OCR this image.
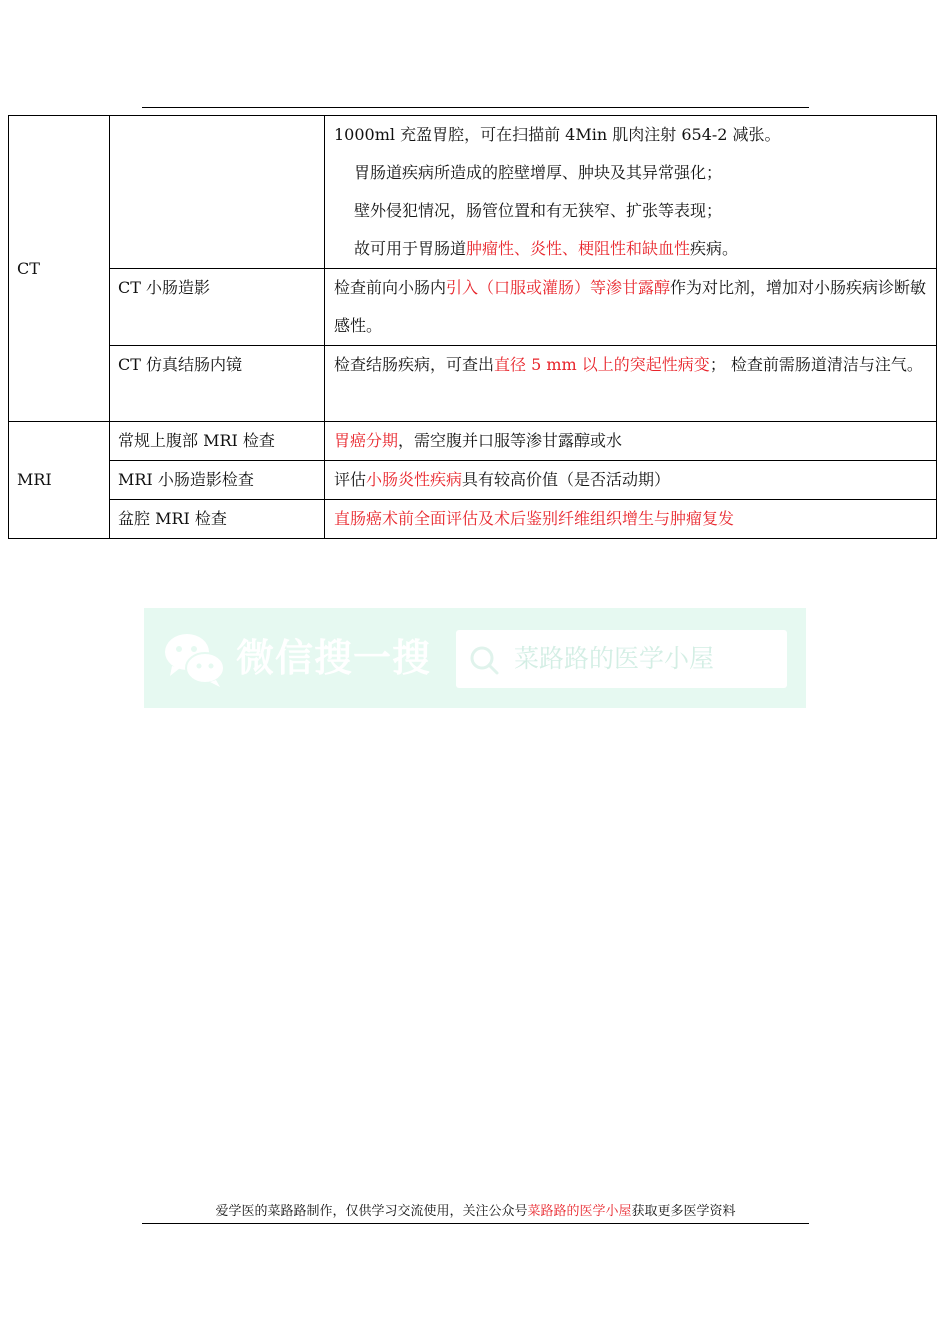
CT		1000ml 充盈胃腔，可在扫描前 4Min 肌肉注射 654-2 减张。

胃肠道疾病所造成的腔壁增厚、肿块及其异常强化；
壁外侵犯情况，肠管位置和有无狭窄、扩张等表现；
故可用于胃肠道肿瘤性、炎性、梗阻性和缺血性疾病。

	CT 小肠造影	检查前向小肠内引入（口服或灌肠）等渗甘露醇作为对比剂，增加对小肠疾病诊断敏感性。
	CT 仿真结肠内镜	检查结肠疾病，可查出直径 5 mm 以上的突起性病变； 检查前需肠道清洁与注气。
MRI	常规上腹部 MRI 检查	胃癌分期，需空腹并口服等渗甘露醇或水
	MRI 小肠造影检查	评估小肠炎性疾病具有较高价值（是否活动期）
	盆腔 MRI 检查	直肠癌术前全面评估及术后鉴别纤维组织增生与肿瘤复发
微信搜一搜	菜路路的医学小屋
爱学医的菜路路制作，仅供学习交流使用，关注公众号菜路路的医学小屋获取更多医学资料
